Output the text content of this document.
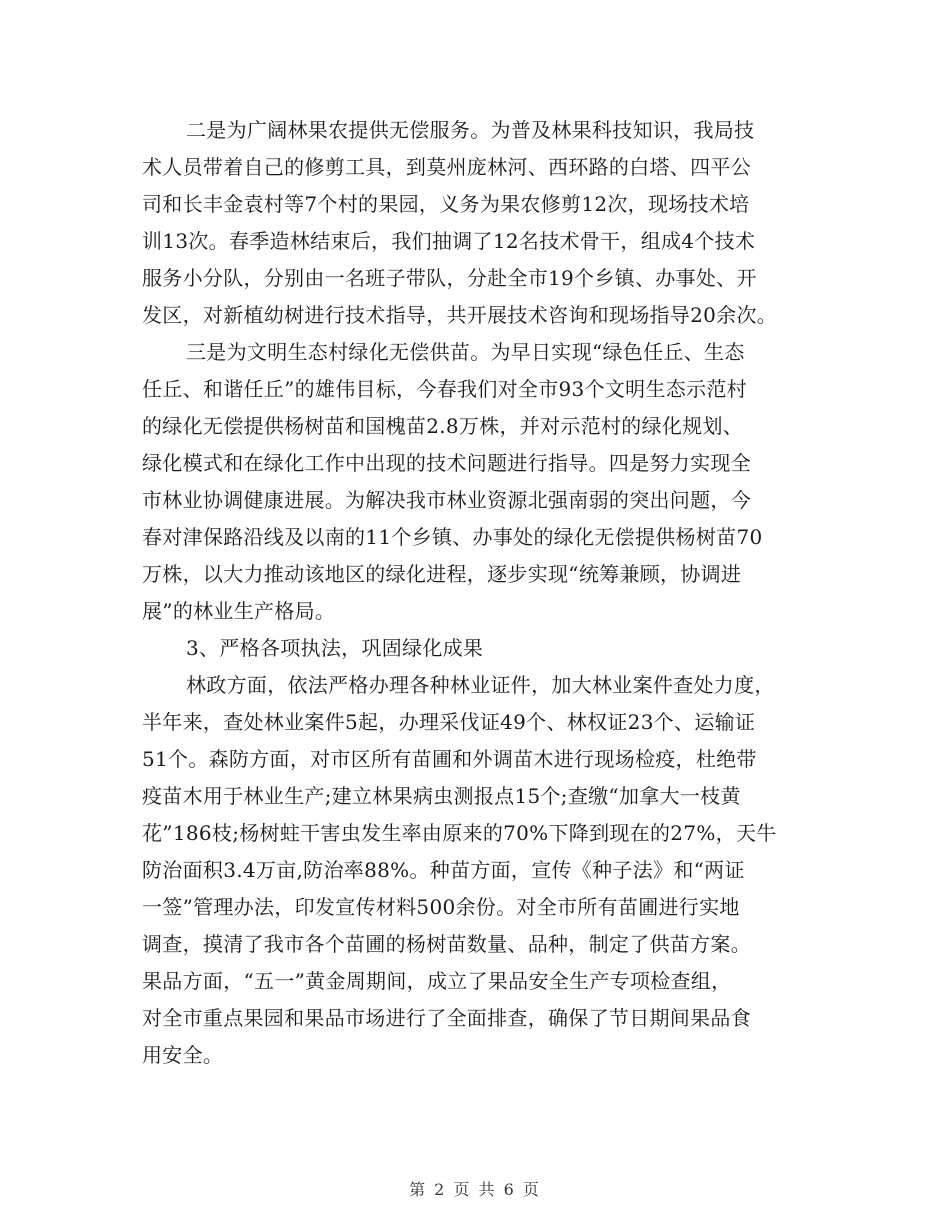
二是为广阔林果农提供无偿服务。为普及林果科技知识，我局技
术人员带着自己的修剪工具，到莫州庞林河、西环路的白塔、四平公
司和长丰金袁村等7个村的果园，义务为果农修剪12次，现场技术培
训13次。春季造林结束后，我们抽调了12名技术骨干，组成4个技术
服务小分队，分别由一名班子带队，分赴全市19个乡镇、办事处、开
发区，对新植幼树进行技术指导，共开展技术咨询和现场指导20余次。
三是为文明生态村绿化无偿供苗。为早日实现“绿色任丘、生态
任丘、和谐任丘”的雄伟目标，今春我们对全市93个文明生态示范村
的绿化无偿提供杨树苗和国槐苗2.8万株，并对示范村的绿化规划、
绿化模式和在绿化工作中出现的技术问题进行指导。四是努力实现全
市林业协调健康进展。为解决我市林业资源北强南弱的突出问题，今
春对津保路沿线及以南的11个乡镇、办事处的绿化无偿提供杨树苗70
万株，以大力推动该地区的绿化进程，逐步实现“统筹兼顾，协调进
展”的林业生产格局。
3、严格各项执法，巩固绿化成果
林政方面，依法严格办理各种林业证件，加大林业案件查处力度，
半年来，查处林业案件5起，办理采伐证49个、林权证23个、运输证
51个。森防方面，对市区所有苗圃和外调苗木进行现场检疫，杜绝带
疫苗木用于林业生产;建立林果病虫测报点15个;查缴“加拿大一枝黄
花”186枝;杨树蛀干害虫发生率由原来的70%下降到现在的27%，天牛
防治面积3.4万亩,防治率88%。种苗方面，宣传《种子法》和“两证
一签”管理办法，印发宣传材料500余份。对全市所有苗圃进行实地
调查，摸清了我市各个苗圃的杨树苗数量、品种，制定了供苗方案。
果品方面，“五一”黄金周期间，成立了果品安全生产专项检查组，
对全市重点果园和果品市场进行了全面排查，确保了节日期间果品食
用安全。
第 2 页 共 6 页
